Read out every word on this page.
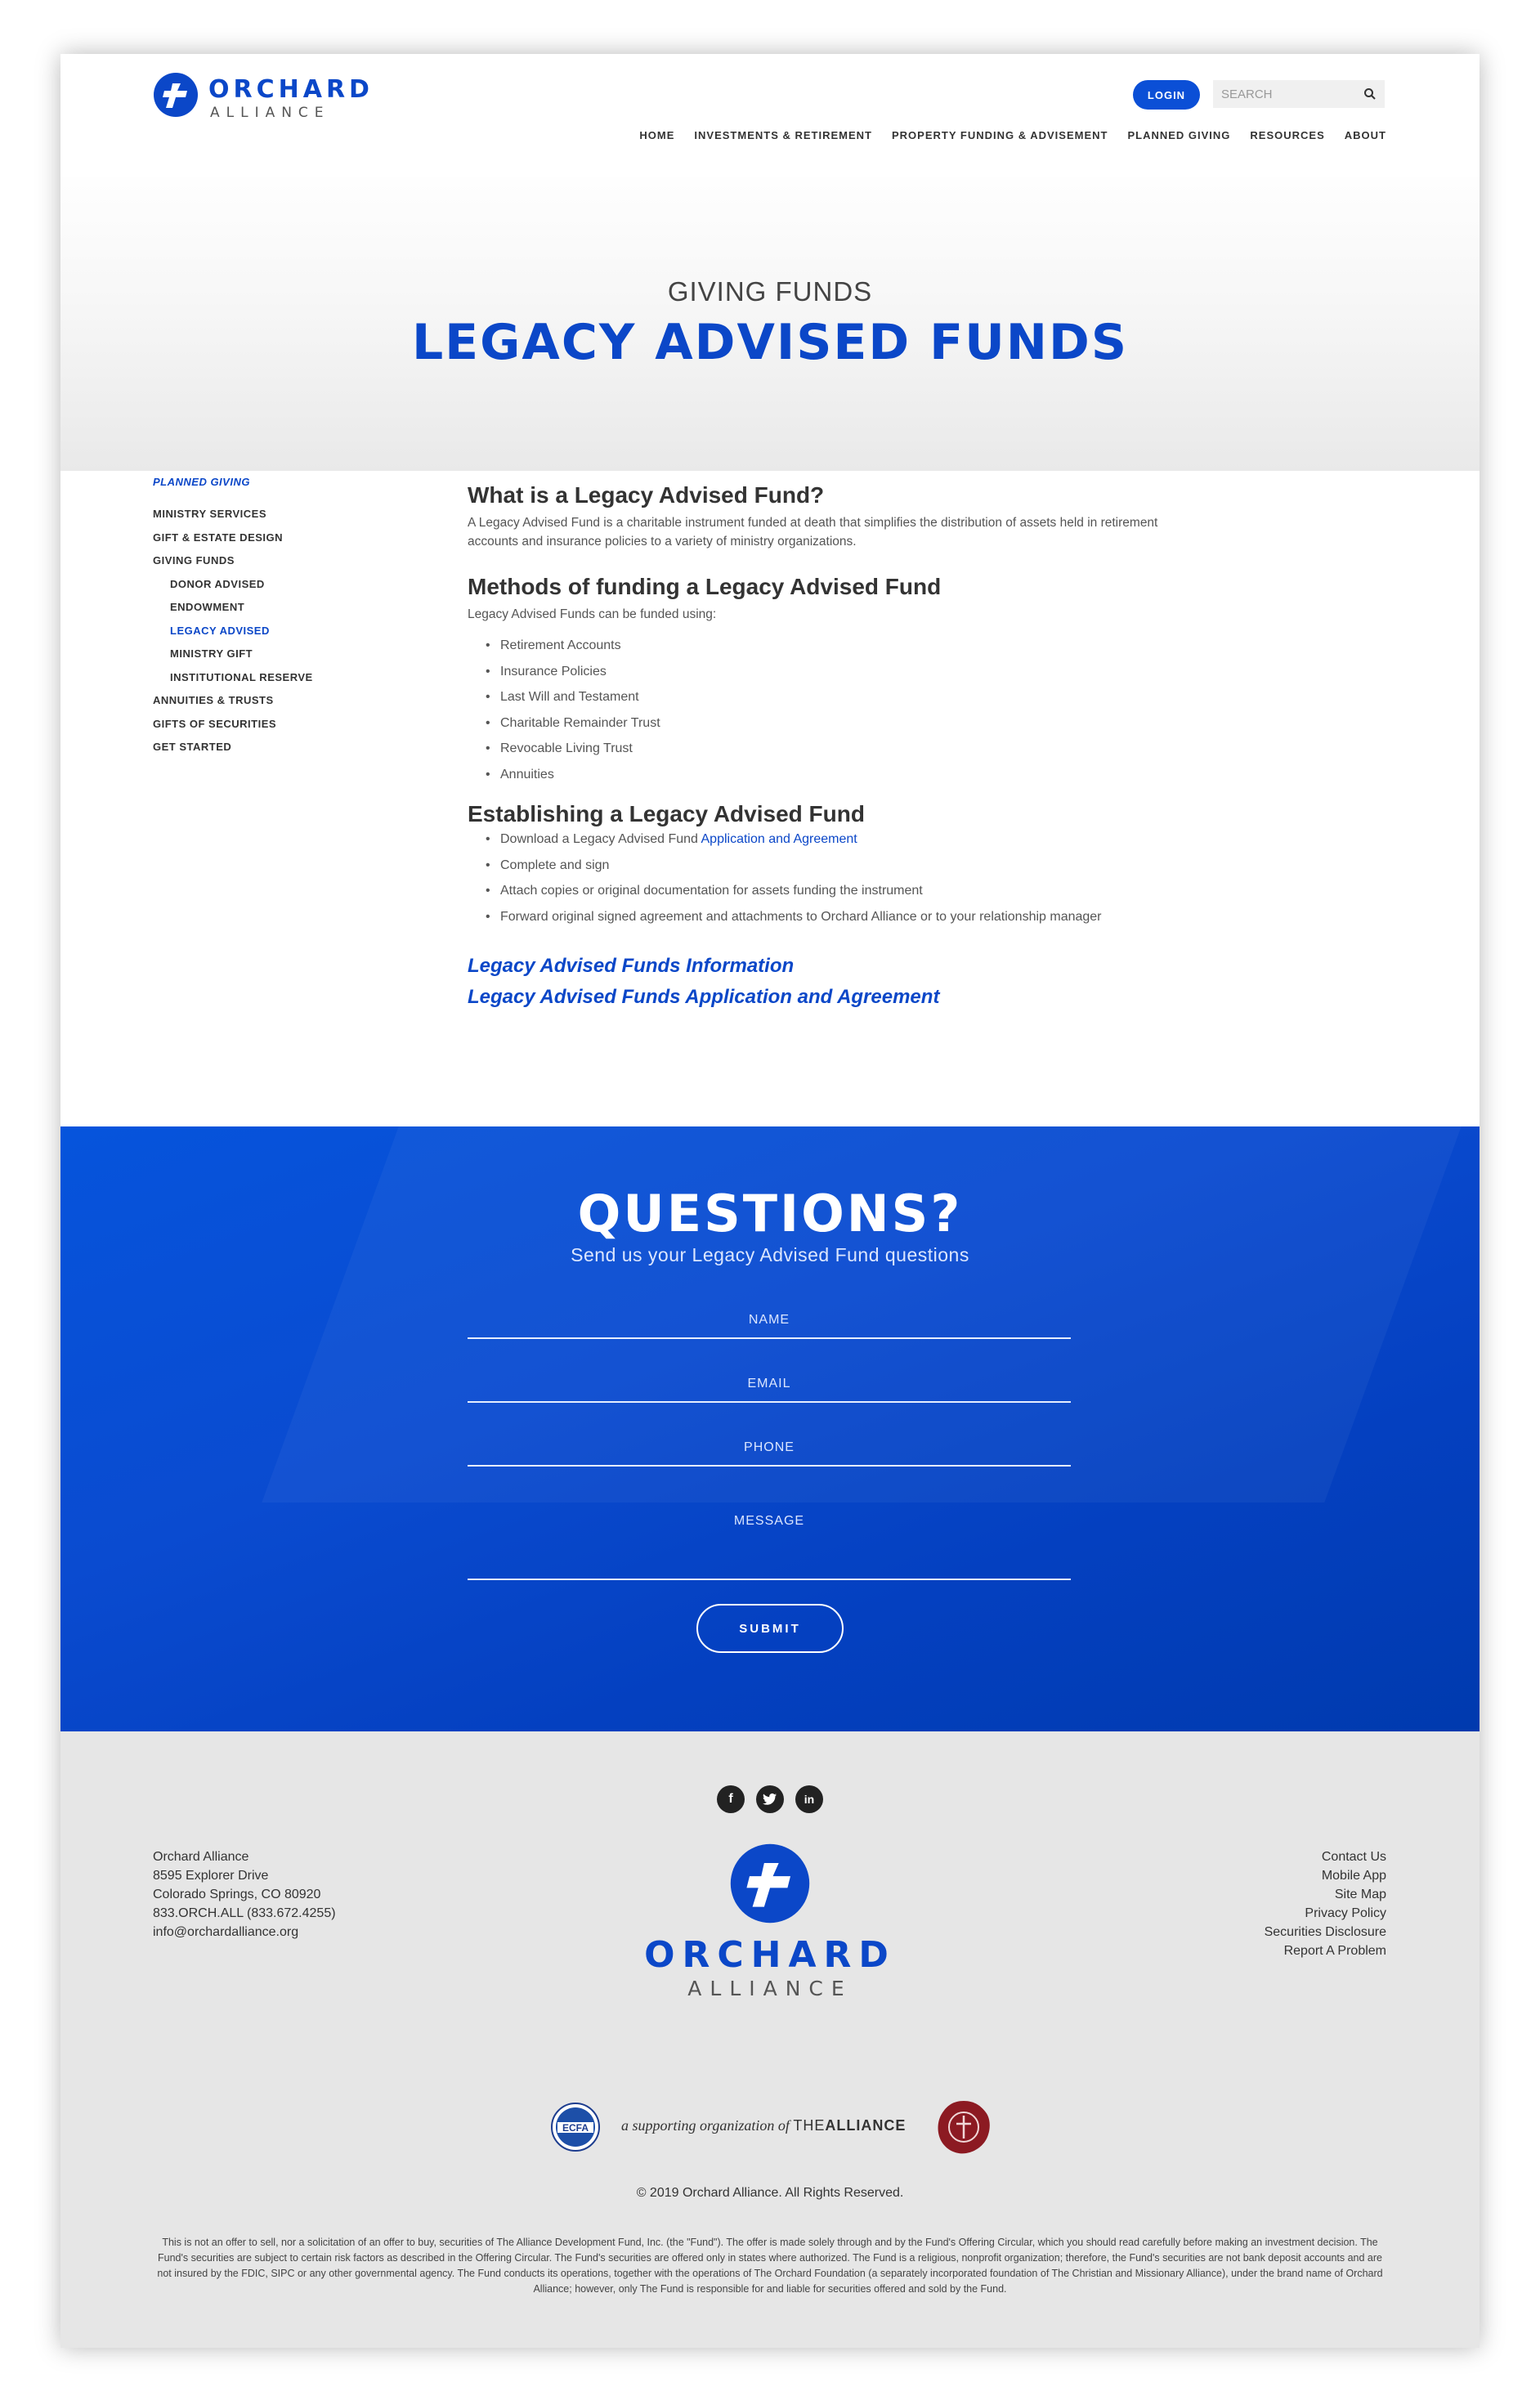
ORCHARD
ALLIANCE
LOGIN
SEARCH
HOME INVESTMENTS & RETIREMENT PROPERTY FUNDING & ADVISEMENT PLANNED GIVING RESOURCES ABOUT
GIVING FUNDS
LEGACY ADVISED FUNDS
PLANNED GIVING
MINISTRY SERVICES
GIFT & ESTATE DESIGN
GIVING FUNDS
DONOR ADVISED
ENDOWMENT
LEGACY ADVISED
MINISTRY GIFT
INSTITUTIONAL RESERVE
ANNUITIES & TRUSTS
GIFTS OF SECURITIES
GET STARTED
What is a Legacy Advised Fund?
A Legacy Advised Fund is a charitable instrument funded at death that simplifies the distribution of assets held in retirement accounts and insurance policies to a variety of ministry organizations.
Methods of funding a Legacy Advised Fund
Legacy Advised Funds can be funded using:
• Retirement Accounts
• Insurance Policies
• Last Will and Testament
• Charitable Remainder Trust
• Revocable Living Trust
• Annuities
Establishing a Legacy Advised Fund
• Download a Legacy Advised Fund Application and Agreement
• Complete and sign
• Attach copies or original documentation for assets funding the instrument
• Forward original signed agreement and attachments to Orchard Alliance or to your relationship manager
Legacy Advised Funds Information
Legacy Advised Funds Application and Agreement
QUESTIONS?
Send us your Legacy Advised Fund questions
NAME
EMAIL
PHONE
MESSAGE
SUBMIT
f	in
Orchard Alliance
8595 Explorer Drive
Colorado Springs, CO 80920
833.ORCH.ALL (833.672.4255)
info@orchardalliance.org
Contact Us
Mobile App
Site Map
Privacy Policy
Securities Disclosure
Report A Problem
ORCHARD
ALLIANCE
ECFA a supporting organization of THEALLIANCE
© 2019 Orchard Alliance. All Rights Reserved.
This is not an offer to sell, nor a solicitation of an offer to buy, securities of The Alliance Development Fund, Inc. (the "Fund"). The offer is made solely through and by the Fund's Offering Circular, which you should read carefully before making an investment decision. The Fund's securities are subject to certain risk factors as described in the Offering Circular. The Fund's securities are offered only in states where authorized. The Fund is a religious, nonprofit organization; therefore, the Fund's securities are not bank deposit accounts and are not insured by the FDIC, SIPC or any other governmental agency. The Fund conducts its operations, together with the operations of The Orchard Foundation (a separately incorporated foundation of The Christian and Missionary Alliance), under the brand name of Orchard Alliance; however, only The Fund is responsible for and liable for securities offered and sold by the Fund.
